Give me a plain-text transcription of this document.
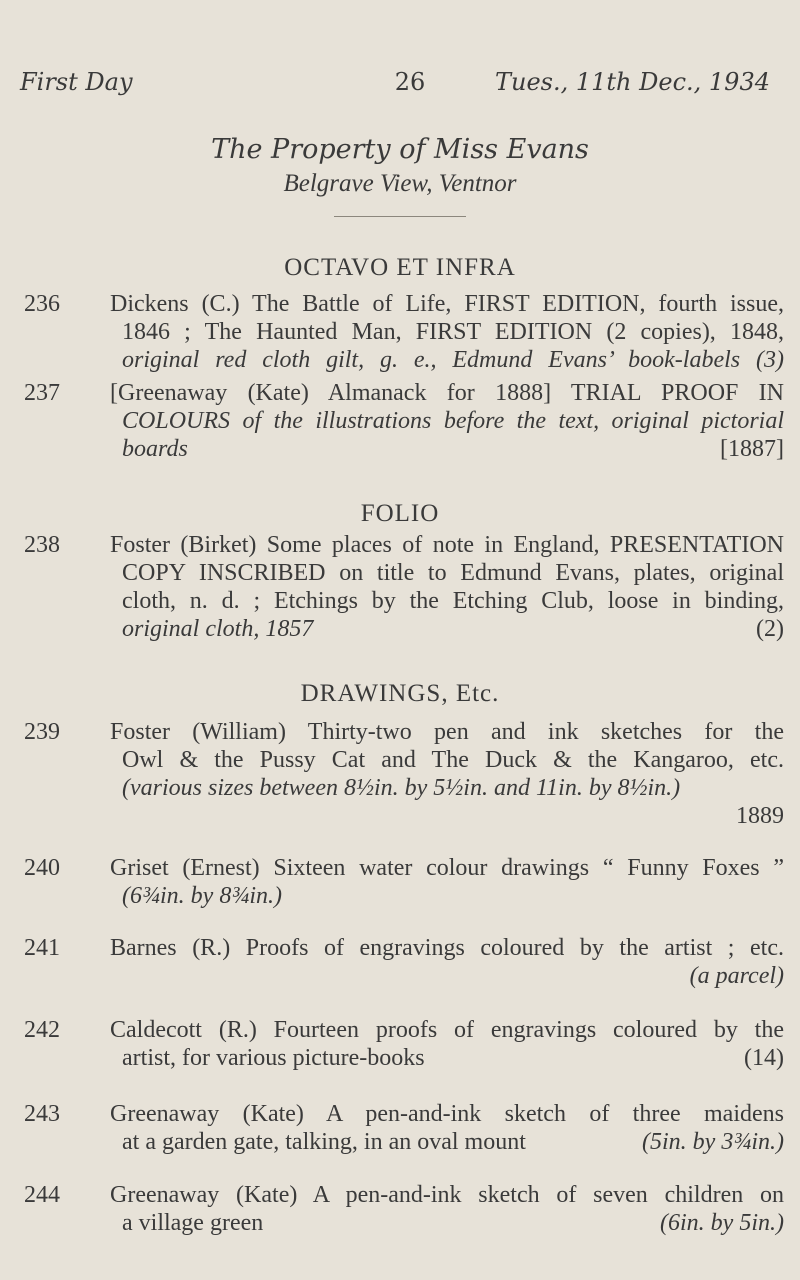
First Day	26	Tues., 11th Dec., 1934
The Property of Miss Evans
Belgrave View, Ventnor
OCTAVO ET INFRA
236	Dickens (C.) The Battle of Life, FIRST EDITION, fourth issue,
1846 ; The Haunted Man, FIRST EDITION (2 copies), 1848,
original red cloth gilt, g. e., Edmund Evans’ book-labels (3)
237	[Greenaway (Kate) Almanack for 1888] TRIAL PROOF IN
COLOURS of the illustrations before the text, original pictorial
boards	[1887]
FOLIO
238	Foster (Birket) Some places of note in England, PRESENTATION
COPY INSCRIBED on title to Edmund Evans, plates, original
cloth, n. d. ; Etchings by the Etching Club, loose in binding,
original cloth, 1857	(2)
DRAWINGS, Etc.
239	Foster (William) Thirty-two pen and ink sketches for the
Owl & the Pussy Cat and The Duck & the Kangaroo, etc.
(various sizes between 8½in. by 5½in. and 11in. by 8½in.)
1889
240	Griset (Ernest) Sixteen water colour drawings “ Funny Foxes ”
(6¾in. by 8¾in.)
241	Barnes (R.) Proofs of engravings coloured by the artist ; etc.
(a parcel)
242	Caldecott (R.) Fourteen proofs of engravings coloured by the
artist, for various picture-books	(14)
243	Greenaway (Kate) A pen-and-ink sketch of three maidens
at a garden gate, talking, in an oval mount	(5in. by 3¾in.)
244	Greenaway (Kate) A pen-and-ink sketch of seven children on
a village green	(6in. by 5in.)
